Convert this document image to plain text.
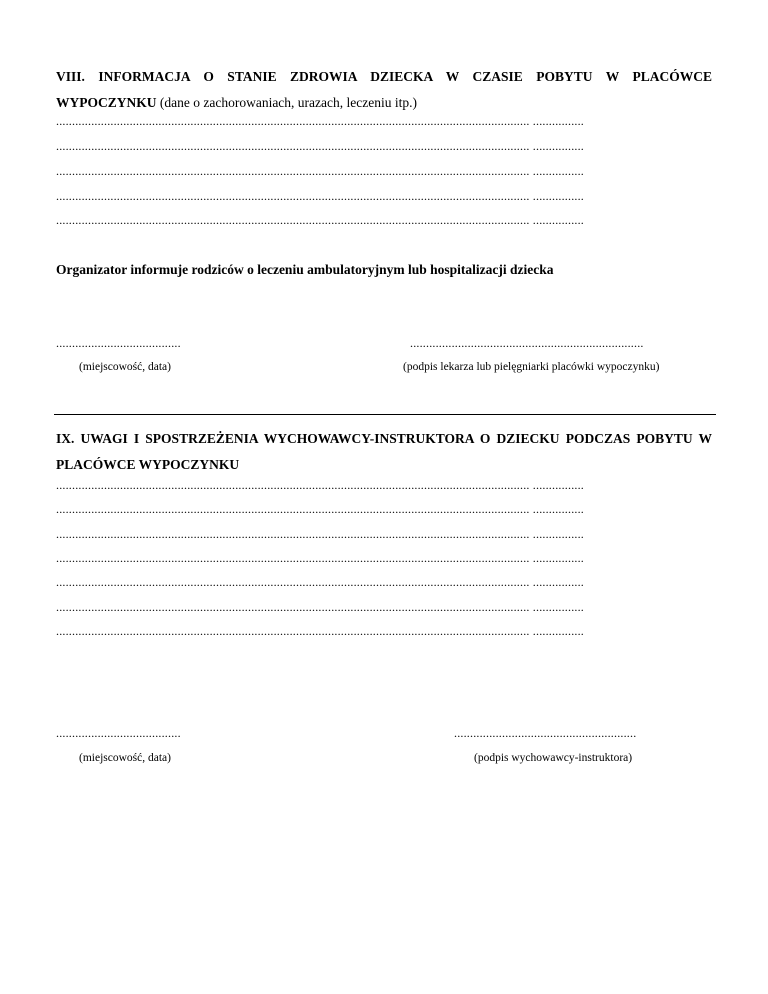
VIII. INFORMACJA O STANIE ZDROWIA DZIECKA W CZASIE POBYTU W PLACÓWCE WYPOCZYNKU (dane o zachorowaniach, urazach, leczeniu itp.)
.................................................................................................................................................... ................
.................................................................................................................................................... ................
.................................................................................................................................................... ................
.................................................................................................................................................... ................
.................................................................................................................................................... ................
Organizator informuje rodziców o leczeniu ambulatoryjnym lub hospitalizacji dziecka
.......................................	.........................................................................
(miejscowość, data)	(podpis lekarza lub pielęgniarki placówki wypoczynku)
IX. UWAGI I SPOSTRZEŻENIA WYCHOWAWCY-INSTRUKTORA O DZIECKU PODCZAS POBYTU W PLACÓWCE WYPOCZYNKU
.................................................................................................................................................... ................
.................................................................................................................................................... ................
.................................................................................................................................................... ................
.................................................................................................................................................... ................
.................................................................................................................................................... ................
.................................................................................................................................................... ................
.................................................................................................................................................... ................
.......................................	.........................................................
(miejscowość, data)	(podpis wychowawcy-instruktora)
